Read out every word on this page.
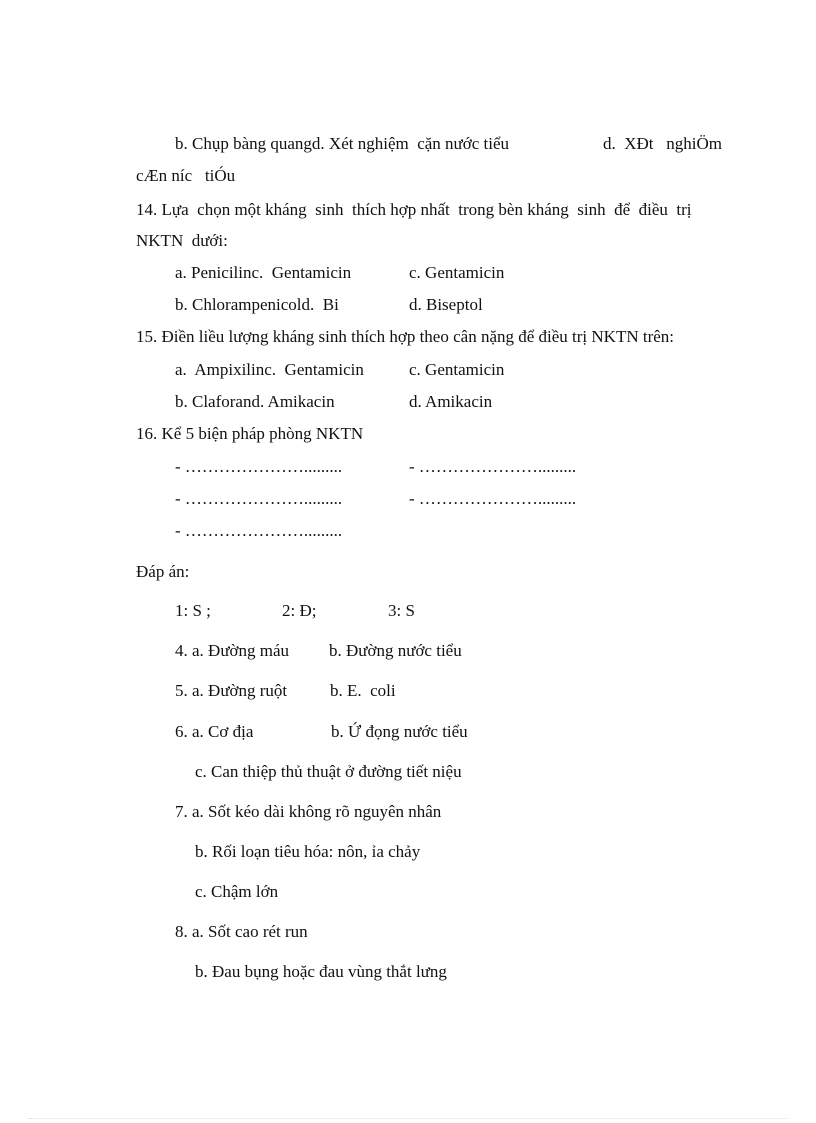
b. Chụp bàng quangd. Xét nghiệm  cặn nước tiểu	d.  XÐt   nghiÖm
cÆn níc   tiÓu
14. Lựa  chọn một kháng  sinh  thích hợp nhất  trong bèn kháng  sinh  để  điều  trị
NKTN  dưới:
a. Penicilinc.  Gentamicin	c. Gentamicin
b. Chlorampenicold.  Bi	d. Biseptol
15. Điền liều lượng kháng sinh thích hợp theo cân nặng để điều trị NKTN trên:
a.  Ampixilinc.  Gentamicin	c. Gentamicin
b. Claforand. Amikacin	d. Amikacin
16. Kể 5 biện pháp phòng NKTN
- ………………….........	- ………………….........
- ………………….........	- ………………….........
- ………………….........
Đáp án:
1: S ;	2: Đ;	3: S
4. a. Đường máu b. Đường nước tiểu
5. a. Đường ruột	b. E.  coli
6. a. Cơ địa	b. Ứ đọng nước tiểu
c. Can thiệp thủ thuật ở đường tiết niệu
7. a. Sốt kéo dài không rõ nguyên nhân
b. Rối loạn tiêu hóa: nôn, ỉa chảy
c. Chậm lớn
8. a. Sốt cao rét run
b. Đau bụng hoặc đau vùng thắt lưng
